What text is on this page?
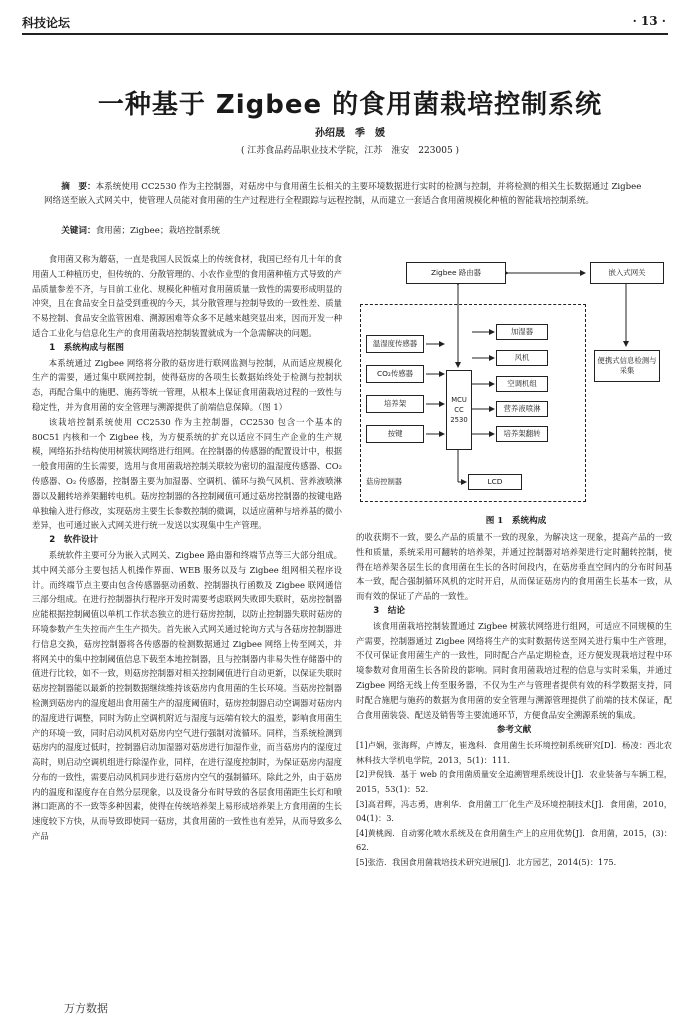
科技论坛	· 13 ·
一种基于 Zigbee 的食用菌栽培控制系统
孙绍晟　季　媛
( 江苏食品药品职业技术学院，江苏　淮安　223005 )
摘　要：本系统使用 CC2530 作为主控制器，对菇房中与食用菌生长相关的主要环境数据进行实时的检测与控制，并将检测的相关生长数据通过 Zigbee 网络送至嵌入式网关中，使管理人员能对食用菌的生产过程进行全程跟踪与远程控制，从而建立一套适合食用菌规模化种植的智能栽培控制系统。
关键词：食用菌；Zigbee；栽培控制系统

食用菌又称为蘑菇，一直是我国人民饭桌上的传统食材，我国已经有几十年的食用菌人工种植历史，但传统的、分散管理的、小农作业型的食用菌种植方式导致的产品质量参差不齐，与目前工业化、规模化种植对食用菌质量一致性的需要形成明显的冲突，且在食品安全日益受到重视的今天，其分散管理与控制导致的一致性差、质量不易控制、食品安全监管困难、溯源困难等众多不足越来越突显出来，因而开发一种适合工业化与信息化生产的食用菌栽培控制装置就成为一个急需解决的问题。

1　系统构成与框图

本系统通过 Zigbee 网络将分散的菇房进行联网监测与控制，从而适应规模化生产的需要，通过集中联网控制，使得菇房的各项生长数据始终处于检测与控制状态，再配合集中的施肥、施药等统一管理，从根本上保证食用菌栽培过程的一致性与稳定性，并为食用菌的安全管理与溯源提供了前端信息保障。（图 1）

该栽培控制系统使用 CC2530 作为主控制器，CC2530 包含一个基本的 80C51 内核和一个 Zigbee 栈，为方便系统的扩充以适应不同生产企业的生产规模，网络拓扑结构使用树簇状网络进行组网。在控制器的传感器的配置设计中，根据一般食用菌的生长需要，选用与食用菌栽培控制关联较为密切的温湿度传感器、CO₂ 传感器、O₂ 传感器，控制器主要为加湿器、空调机、循环与换气风机、营养液喷淋器以及翻转培养架翻转电机。菇房控制器的各控制阈值可通过菇房控制器的按键电路单独输入进行修改，实现菇房主要生长参数控制的微调，以适应菌种与培养基的微小差异，也可通过嵌入式网关进行统一发送以实现集中生产管理。

2　软件设计

系统软件主要可分为嵌入式网关、Zigbee 路由器和终端节点等三大部分组成。其中网关部分主要包括人机操作界面、WEB 服务以及与 Zigbee 组网相关程序设计。而终端节点主要由包含传感器驱动函数、控制器执行函数及 Zigbee 联网通信三部分组成。在进行控制器执行程序开发时需要考虑联网失败即失联时，菇房控制器应能根据控制阈值以单机工作状态独立的进行菇房控制，以防止控制器失联时菇房的环境参数产生失控而产生生产损失。首先嵌入式网关通过轮询方式与各菇房控制器进行信息交换，菇房控制器将各传感器的检测数据通过 Zigbee 网络上传至网关，并将网关中的集中控制阈值信息下载至本地控制器，且与控制器内非易失性存储器中的值进行比较，如不一致，则菇房控制器对相关控制阈值进行自动更新，以保证失联时菇房控制器能以最新的控制数据继续维持该菇房内食用菌的生长环境。当菇房控制器检测到菇房内的湿度超出食用菌生产的湿度阈值时，菇房控制器启动空调器对菇房内的湿度进行调整，同时为防止空调机附近与湿度与远端有较大的温差，影响食用菌生产的环境一致，同时启动风机对菇房内空气进行强制对流循环。同样，当系统检测到菇房内的湿度过低时，控制器启动加湿器对菇房进行加湿作业，而当菇房内的湿度过高时，则启动空调机组进行除湿作业，同样，在进行湿度控制时，为保证菇房内湿度分布的一致性，需要启动风机同步进行菇房内空气的强制循环。除此之外，由于菇房内的温度和湿度存在自然分层现象，以及设备分布时导致的各层食用菌距生长灯和喷淋口距离的不一致等多种因素，使得在传统培养架上易形成培养架上方食用菌的生长速度较下方快，从而导致即使同一菇房，其食用菌的一致性也有差异，从而导致多么产品

Zigbee 路由器	嵌入式网关
便携式信息检测与采集
温湿度传感器
CO₂传感器
培养架
按键
MCU
CC 2530
加湿器
风机
空调机组
营养液喷淋
培养架翻转
LCD
菇房控制器
图 1　系统构成

的收获期不一致，要么产品的质量不一致的现象，为解决这一现象，提高产品的一致性和质量，系统采用可翻转的培养架，并通过控制器对培养架进行定时翻转控制，使得在培养架各层生长的食用菌在生长的各时间段内，在菇房垂直空间内的分布时间基本一致，配合强制循环风机的定时开启，从而保证菇房内的食用菌生长基本一致，从而有效的保证了产品的一致性。

3　结论

该食用菌栽培控制装置通过 Zigbee 树簇状网络进行组网，可适应不同规模的生产需要，控制器通过 Zigbee 网络将生产的实时数据传送至网关进行集中生产管理，不仅可保证食用菌生产的一致性，同时配合产品定期检查，还方便发现栽培过程中环境参数对食用菌生长各阶段的影响。同时食用菌栽培过程的信息与实时采集，并通过 Zigbee 网络无线上传至服务器，不仅为生产与管理者提供有效的科学数据支持，同时配合施肥与施药的数据为食用菌的安全管理与溯源管理提供了前端的技术保证，配合食用菌装袋、配送及销售等主要流通环节，方便食品安全溯源系统的集成。

参考文献
[1]卢娴，张海辉，卢博友，崔逸科．食用菌生长环境控制系统研究[D]．杨凌：西北农林科技大学机电学院，2013，5(1)：111．
[2]尹倪钱．基于 web 的食用菌质量安全追溯管理系统设计[J]．农业装备与车辆工程，2015，53(1)：52．
[3]高君辉，冯志勇，唐利华．食用菌工厂化生产及环境控制技术[J]．食用菌，2010，04(1)：3．
[4]黄桃阁．自动雾化喷水系统及在食用菌生产上的应用优势[J]．食用菌，2015，(3)：62．
[5]张浩．我国食用菌栽培技术研究进展[J]．北方园艺，2014(5)：175．
万方数据
